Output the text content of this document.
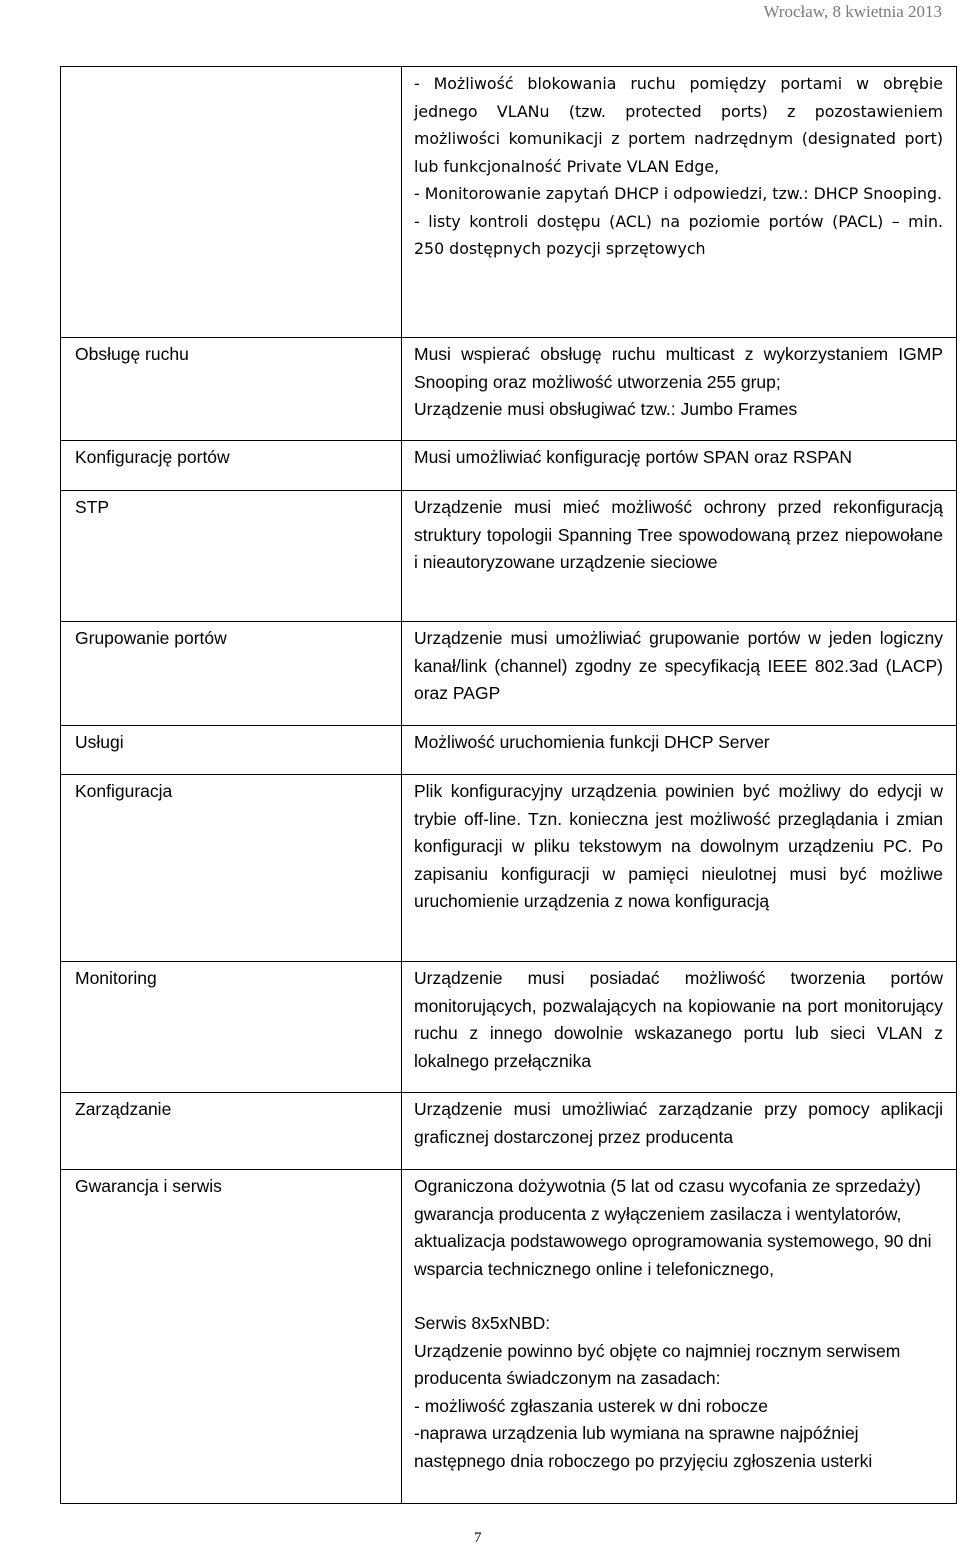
Wrocław, 8 kwietnia 2013

	- Możliwość blokowania ruchu pomiędzy portami w obrębie jednego VLANu (tzw. protected ports) z pozostawieniem możliwości komunikacji z portem nadrzędnym (designated port) lub funkcjonalność Private VLAN Edge,
- Monitorowanie zapytań DHCP i odpowiedzi, tzw.: DHCP Snooping.
- listy kontroli dostępu (ACL) na poziomie portów (PACL) – min. 250 dostępnych pozycji sprzętowych

Obsługę ruchu	Musi wspierać obsługę ruchu multicast z wykorzystaniem IGMP Snooping oraz możliwość utworzenia 255 grup;
Urządzenie musi obsługiwać tzw.: Jumbo Frames

Konfigurację portów	Musi umożliwiać konfigurację portów SPAN oraz RSPAN

STP	Urządzenie musi mieć możliwość ochrony przed rekonfiguracją struktury topologii Spanning Tree spowodowaną przez niepowołane i nieautoryzowane urządzenie sieciowe

Grupowanie portów	Urządzenie musi umożliwiać grupowanie portów w jeden logiczny kanał/link (channel) zgodny ze specyfikacją IEEE 802.3ad (LACP) oraz PAGP

Usługi	Możliwość uruchomienia funkcji DHCP Server

Konfiguracja	Plik konfiguracyjny urządzenia powinien być możliwy do edycji w trybie off-line. Tzn. konieczna jest możliwość przeglądania i zmian konfiguracji w pliku tekstowym na dowolnym urządzeniu PC. Po zapisaniu konfiguracji w pamięci nieulotnej musi być możliwe uruchomienie urządzenia z nowa konfiguracją

Monitoring	Urządzenie musi posiadać możliwość tworzenia portów monitorujących, pozwalających na kopiowanie na port monitorujący ruchu z innego dowolnie wskazanego portu lub sieci VLAN z lokalnego przełącznika

Zarządzanie	Urządzenie musi umożliwiać zarządzanie przy pomocy aplikacji graficznej dostarczonej przez producenta

Gwarancja i serwis	Ograniczona dożywotnia (5 lat od czasu wycofania ze sprzedaży) gwarancja producenta z wyłączeniem zasilacza i wentylatorów, aktualizacja podstawowego oprogramowania systemowego, 90 dni wsparcia technicznego online i telefonicznego,

Serwis 8x5xNBD:

Urządzenie powinno być objęte co najmniej rocznym serwisem producenta świadczonym na zasadach:

- możliwość zgłaszania usterek w dni robocze

-naprawa urządzenia lub wymiana na sprawne najpóźniej następnego dnia roboczego po przyjęciu zgłoszenia usterki

7
